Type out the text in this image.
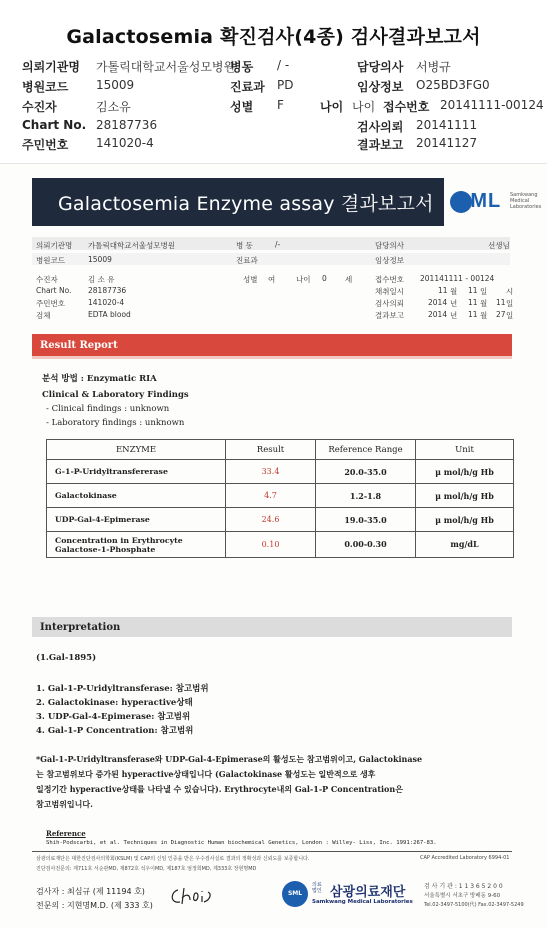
Galactosemia 확진검사(4종) 검사결과보고서
의뢰기관명 가톨릭대학교서울성모병원
병동 / -	담당의사 서병규
병원코드 15009	진료과 PD	임상정보 O25BD3FG0
수진자	김소유	성별 F	나이 나이 접수번호 20141111-00124
Chart No. 28187736	검사의뢰 20141111
주민번호 141020-4	결과보고 20141127
Galactosemia Enzyme assay 결과보고서	SML Samkwang Medical Laboratories
의뢰기관명 가톨릭대학교서울성모병원	병 동	/-	담당의사	선생님
병원코드	15009	진료과	임상정보
수진자	김 소 유	성별 여	나이 0 세	접수번호 201141111 - 00124
Chart No. 28187736	채취일시	11 월 11 일	시
주민번호	141020-4	검사의뢰	2014 년 11 월 11 일
검체	EDTA blood	결과보고	2014 년 11 월 27 일
Result Report
분석 방법 : Enzymatic RIA
Clinical & Laboratory Findings
- Clinical findings : unknown
- Laboratory findings : unknown
ENZYME	Result	Reference Range	Unit
G-1-P-Uridyltransfererase	33.4	20.0-35.0	μ mol/h/g Hb
Galactokinase	4.7	1.2-1.8	μ mol/h/g Hb
UDP-Gal-4-Epimerase	24.6	19.0-35.0	μ mol/h/g Hb

Concentration in Erythrocyte
Galactose-1-Phosphate	0.10	0.00-0.30	mg/dL
Interpretation
(1.Gal-1895)
1. Gal-1-P-Uridyltransferase: 참고범위
2. Galactokinase: hyperactive상태
3. UDP-Gal-4-Epimerase: 참고범위
4. Gal-1-P Concentration: 참고범위
*Gal-1-P-Uridyltransferase와 UDP-Gal-4-Epimerase의 활성도는 참고범위이고, Galactokinase
는 참고범위보다 증가된 hyperactive상태입니다 (Galactokinase 활성도는 일반적으로 생후
일정기간 hyperactive상태를 나타낼 수 있습니다). Erythrocyte내의 Gal-1-P Concentration은
참고범위입니다.
Reference
Shih-Podscarbi, et al. Techniques in Diagnostic Human biochemical Genetics, London : Willey- Liss, Inc. 1991:267-83.
삼광의료재단은 대한진단검사의학회(KSLM) 및 CAP의 신임 인증을 받은 우수검사실로 결과의 정확성과 신뢰도를 보증합니다.	CAP Accredited Laboratory 6994-01
진단검사전문의: 제711호 서순관MD, 제872호 석우이MD, 제187호 엄정희MD, 제333호 장현명MD
검사자 : 최심규 (제 11194 호)
전문의 : 지현명M.D. (제 333 호)
SML	삼광의료재단
의료
법인
Samkwang Medical Laboratories
검 사 기 관 : 1 1 3 6 5 2 0 0
서울특별시 서초구 방배동 9-60
Tel.02-3497-5100(代) Fax.02-3497-5249
